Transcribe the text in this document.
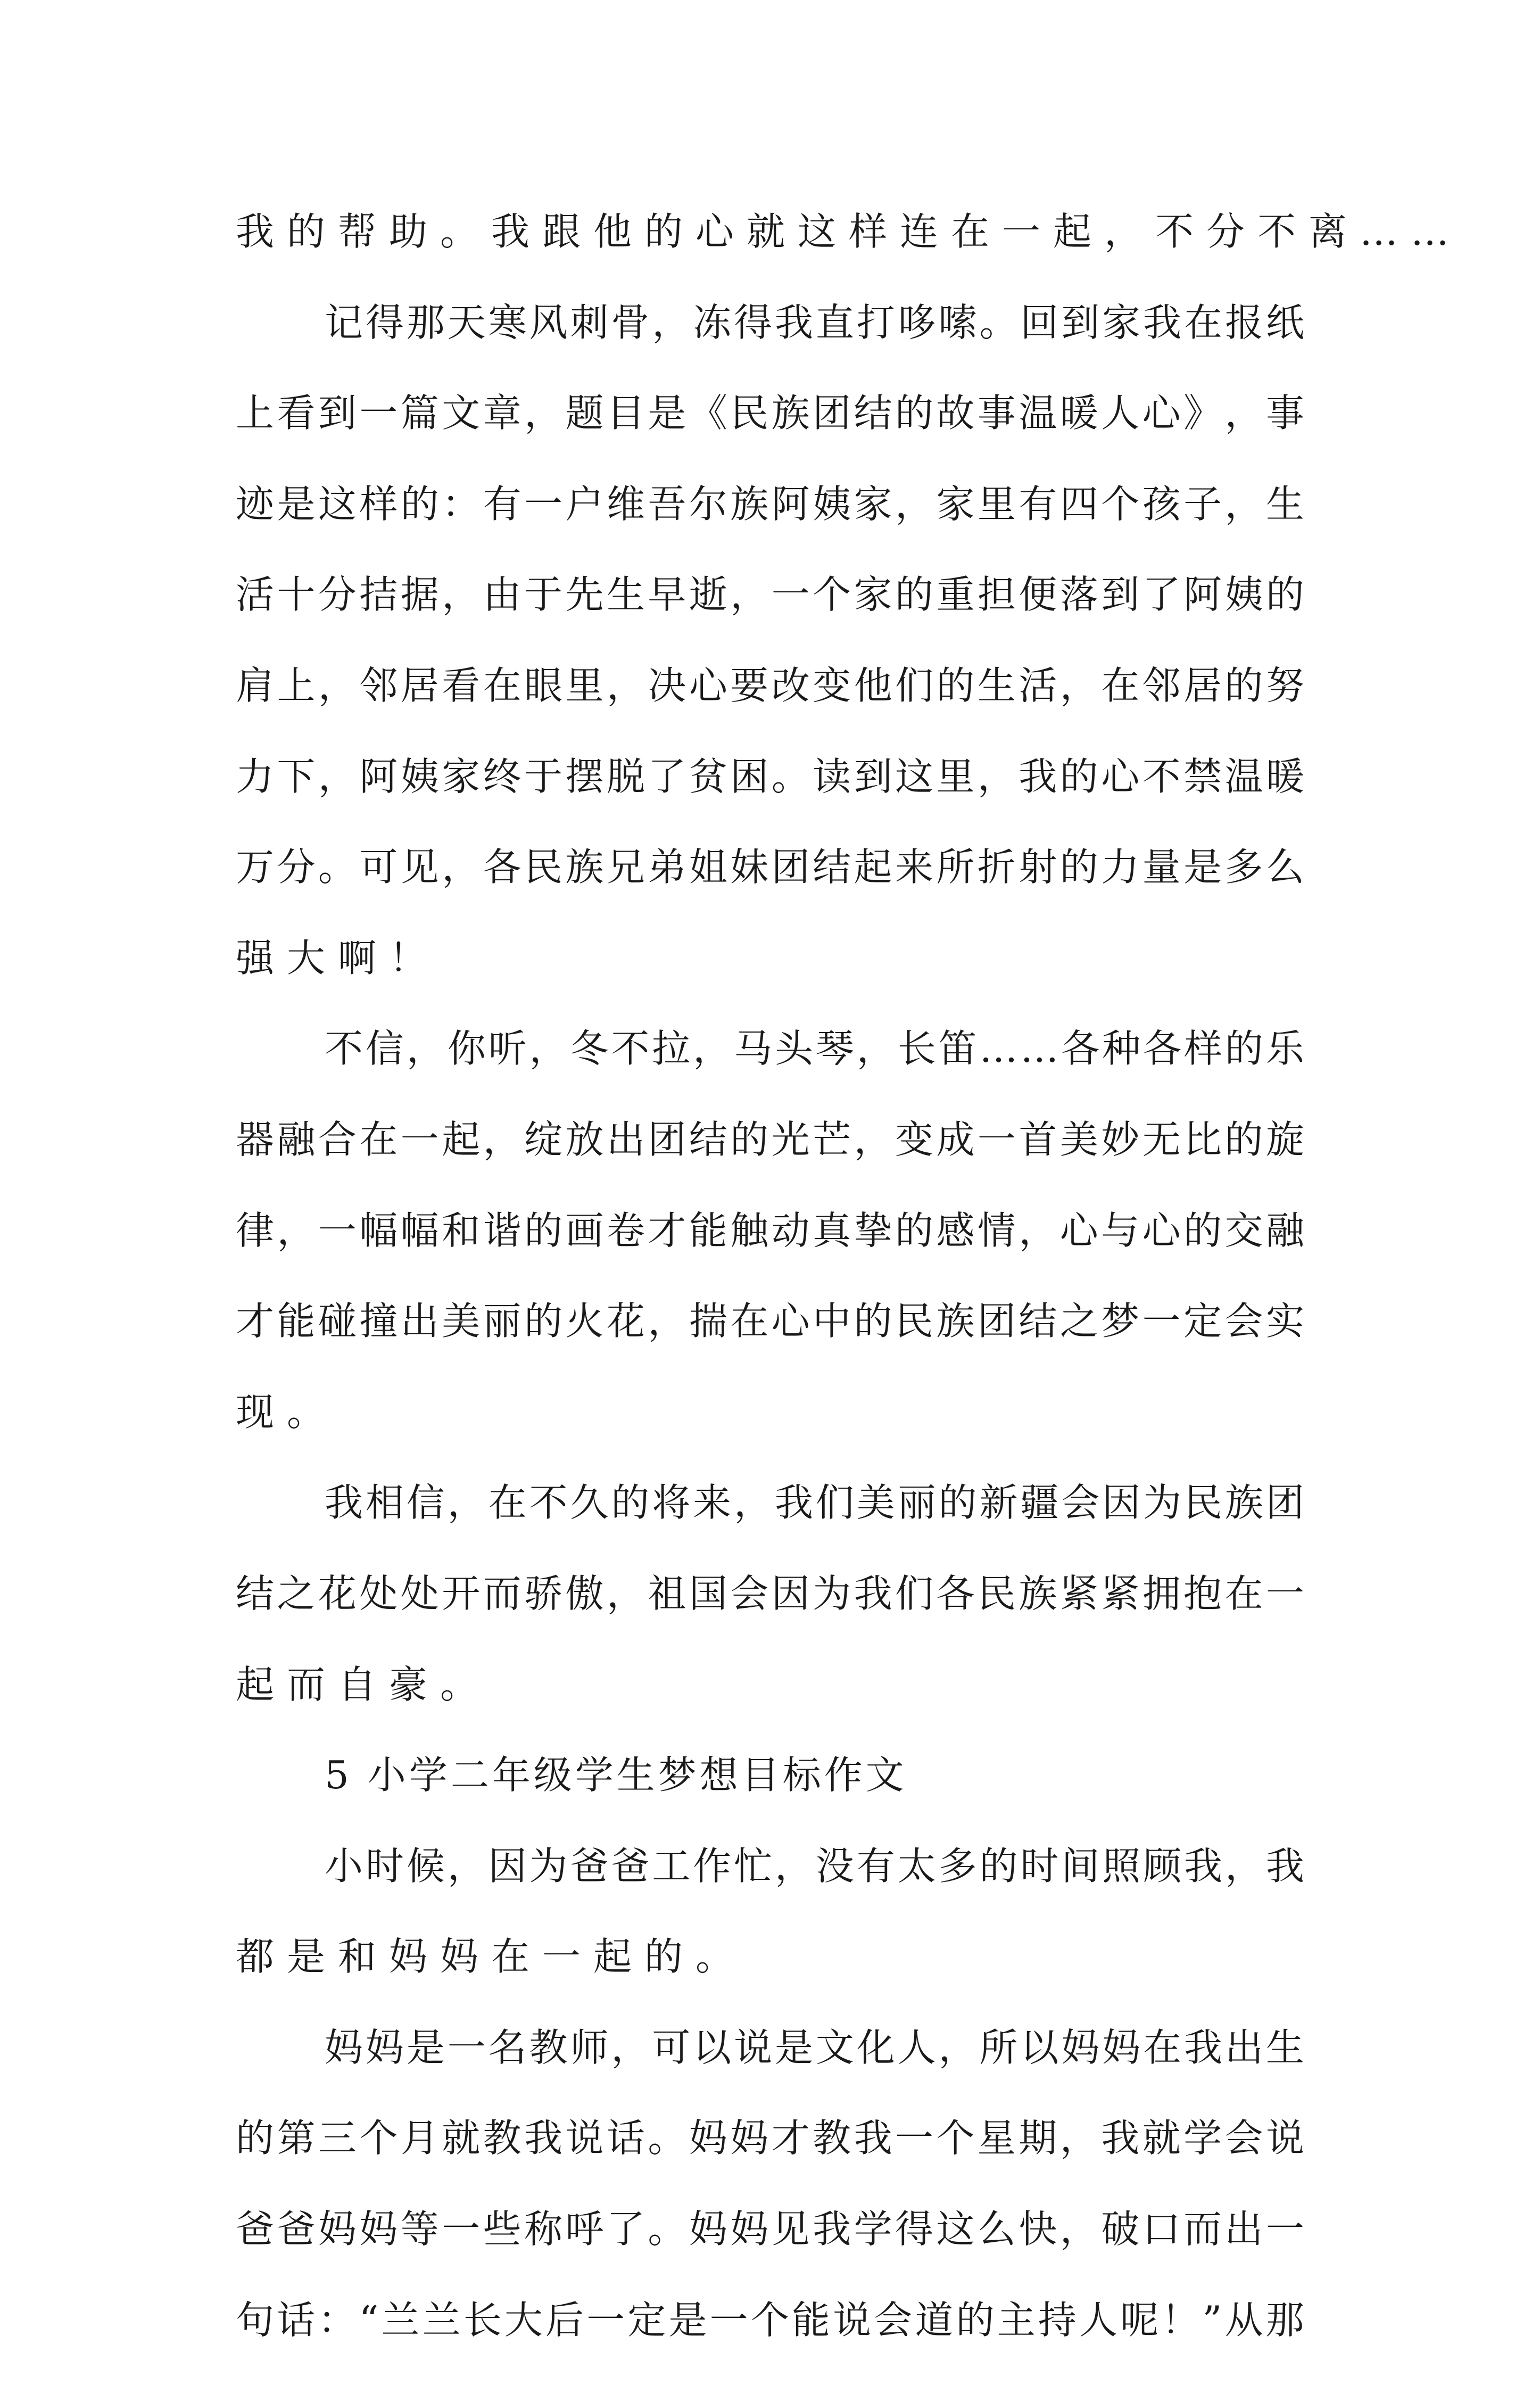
我的帮助。我跟他的心就这样连在一起，不分不离……
记 得 那 天 寒 风 刺 骨 ， 冻 得 我 直 打 哆 嗦 。 回 到 家 我 在 报 纸
上 看 到 一 篇 文 章 ， 题 目 是 《 民 族 团 结 的 故 事 温 暖 人 心 》 ， 事
迹 是 这 样 的 ： 有 一 户 维 吾 尔 族 阿 姨 家 ， 家 里 有 四 个 孩 子 ， 生
活 十 分 拮 据 ， 由 于 先 生 早 逝 ， 一 个 家 的 重 担 便 落 到 了 阿 姨 的
肩 上 ， 邻 居 看 在 眼 里 ， 决 心 要 改 变 他 们 的 生 活 ， 在 邻 居 的 努
力 下 ， 阿 姨 家 终 于 摆 脱 了 贫 困 。 读 到 这 里 ， 我 的 心 不 禁 温 暖
万 分 。 可 见 ， 各 民 族 兄 弟 姐 妹 团 结 起 来 所 折 射 的 力 量 是 多 么
强大啊！
不 信 ， 你 听 ， 冬 不 拉 ， 马 头 琴 ， 长 笛 … … 各 种 各 样 的 乐
器 融 合 在 一 起 ， 绽 放 出 团 结 的 光 芒 ， 变 成 一 首 美 妙 无 比 的 旋
律 ， 一 幅 幅 和 谐 的 画 卷 才 能 触 动 真 挚 的 感 情 ， 心 与 心 的 交 融
才 能 碰 撞 出 美 丽 的 火 花 ， 揣 在 心 中 的 民 族 团 结 之 梦 一 定 会 实
现。
我 相 信 ， 在 不 久 的 将 来 ， 我 们 美 丽 的 新 疆 会 因 为 民 族 团
结 之 花 处 处 开 而 骄 傲 ， 祖 国 会 因 为 我 们 各 民 族 紧 紧 拥 抱 在 一
起而自豪。
5 小学二年级学生梦想目标作文
小 时 候 ， 因 为 爸 爸 工 作 忙 ， 没 有 太 多 的 时 间 照 顾 我 ， 我
都是和妈妈在一起的。
妈 妈 是 一 名 教 师 ， 可 以 说 是 文 化 人 ， 所 以 妈 妈 在 我 出 生
的 第 三 个 月 就 教 我 说 话 。 妈 妈 才 教 我 一 个 星 期 ， 我 就 学 会 说
爸 爸 妈 妈 等 一 些 称 呼 了 。 妈 妈 见 我 学 得 这 么 快 ， 破 口 而 出 一
句 话 ： “ 兰 兰 长 大 后 一 定 是 一 个 能 说 会 道 的 主 持 人 呢 ！ ” 从 那
